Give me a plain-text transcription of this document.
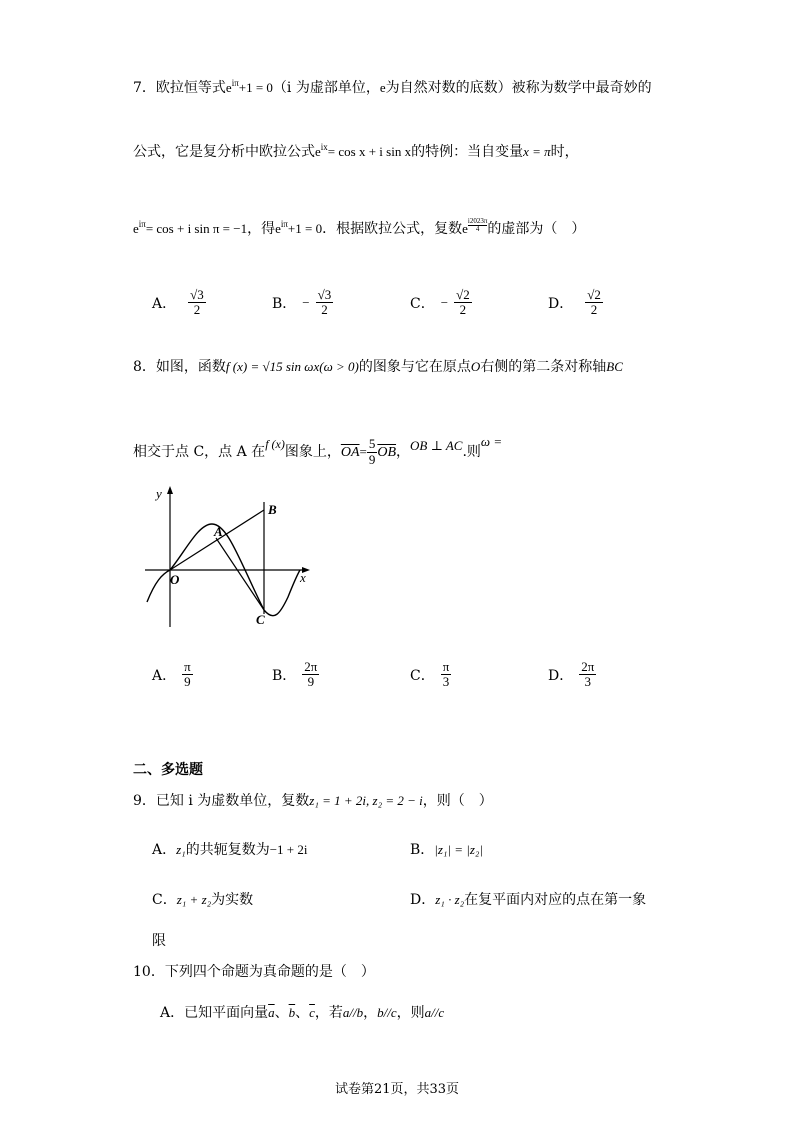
7．欧拉恒等式$e^{i\pi}+1 = 0(i$ 为虚部单位，e为自然对数的底数）被称为数学中最奇妙的
公式，它是复分析中欧拉公式$e^{ix}= \cos x + i$ sin x的特例：当自变量x = π时，
$e^{i\pi}= \cos + i$ sin π = −1，得$e^{i\pi}+1 = 0$．根据欧拉公式，复数e $\frac{i2023\pi}{4}$ 的虚部为（　）
A． $\frac{√3}{2}$	B． − $\frac{√3}{2}$	C． − $\frac{√2}{2}$	D． $\frac{√2}{2}$
8．如图，函数f (x) = √15 sin ωx(ω > 0)的图象与它在原点O右侧的第二条对称轴BC
相交于点 C，点 A 在f (x)图象上，$\overline{OA}= \frac{5}{9} \overline{OB}$，OB ⊥ AC.则ω =
y
x
O
A
B
C
A． $\frac{\pi}{9}$	B． $\frac{2\pi}{9}$	C． $\frac{\pi}{3}$	D． $\frac{2\pi}{3}$
二、多选题
9．已知 i 为虚数单位，复数z₁ = 1 + 2i, z₂ = 2 − i，则（　）
A．z₁的共轭复数为−1 + 2i	B．|z₁| = |z₂|
C．z₁ + z₂为实数	D．z₁ · z₂在复平面内对应的点在第一象
限
10．下列四个命题为真命题的是（　）
A．已知平面向量$\overline{a}$、$\overline{b}$、$\overline{c}$，若a//b，b//c，则a//c
试卷第21页，共33页
